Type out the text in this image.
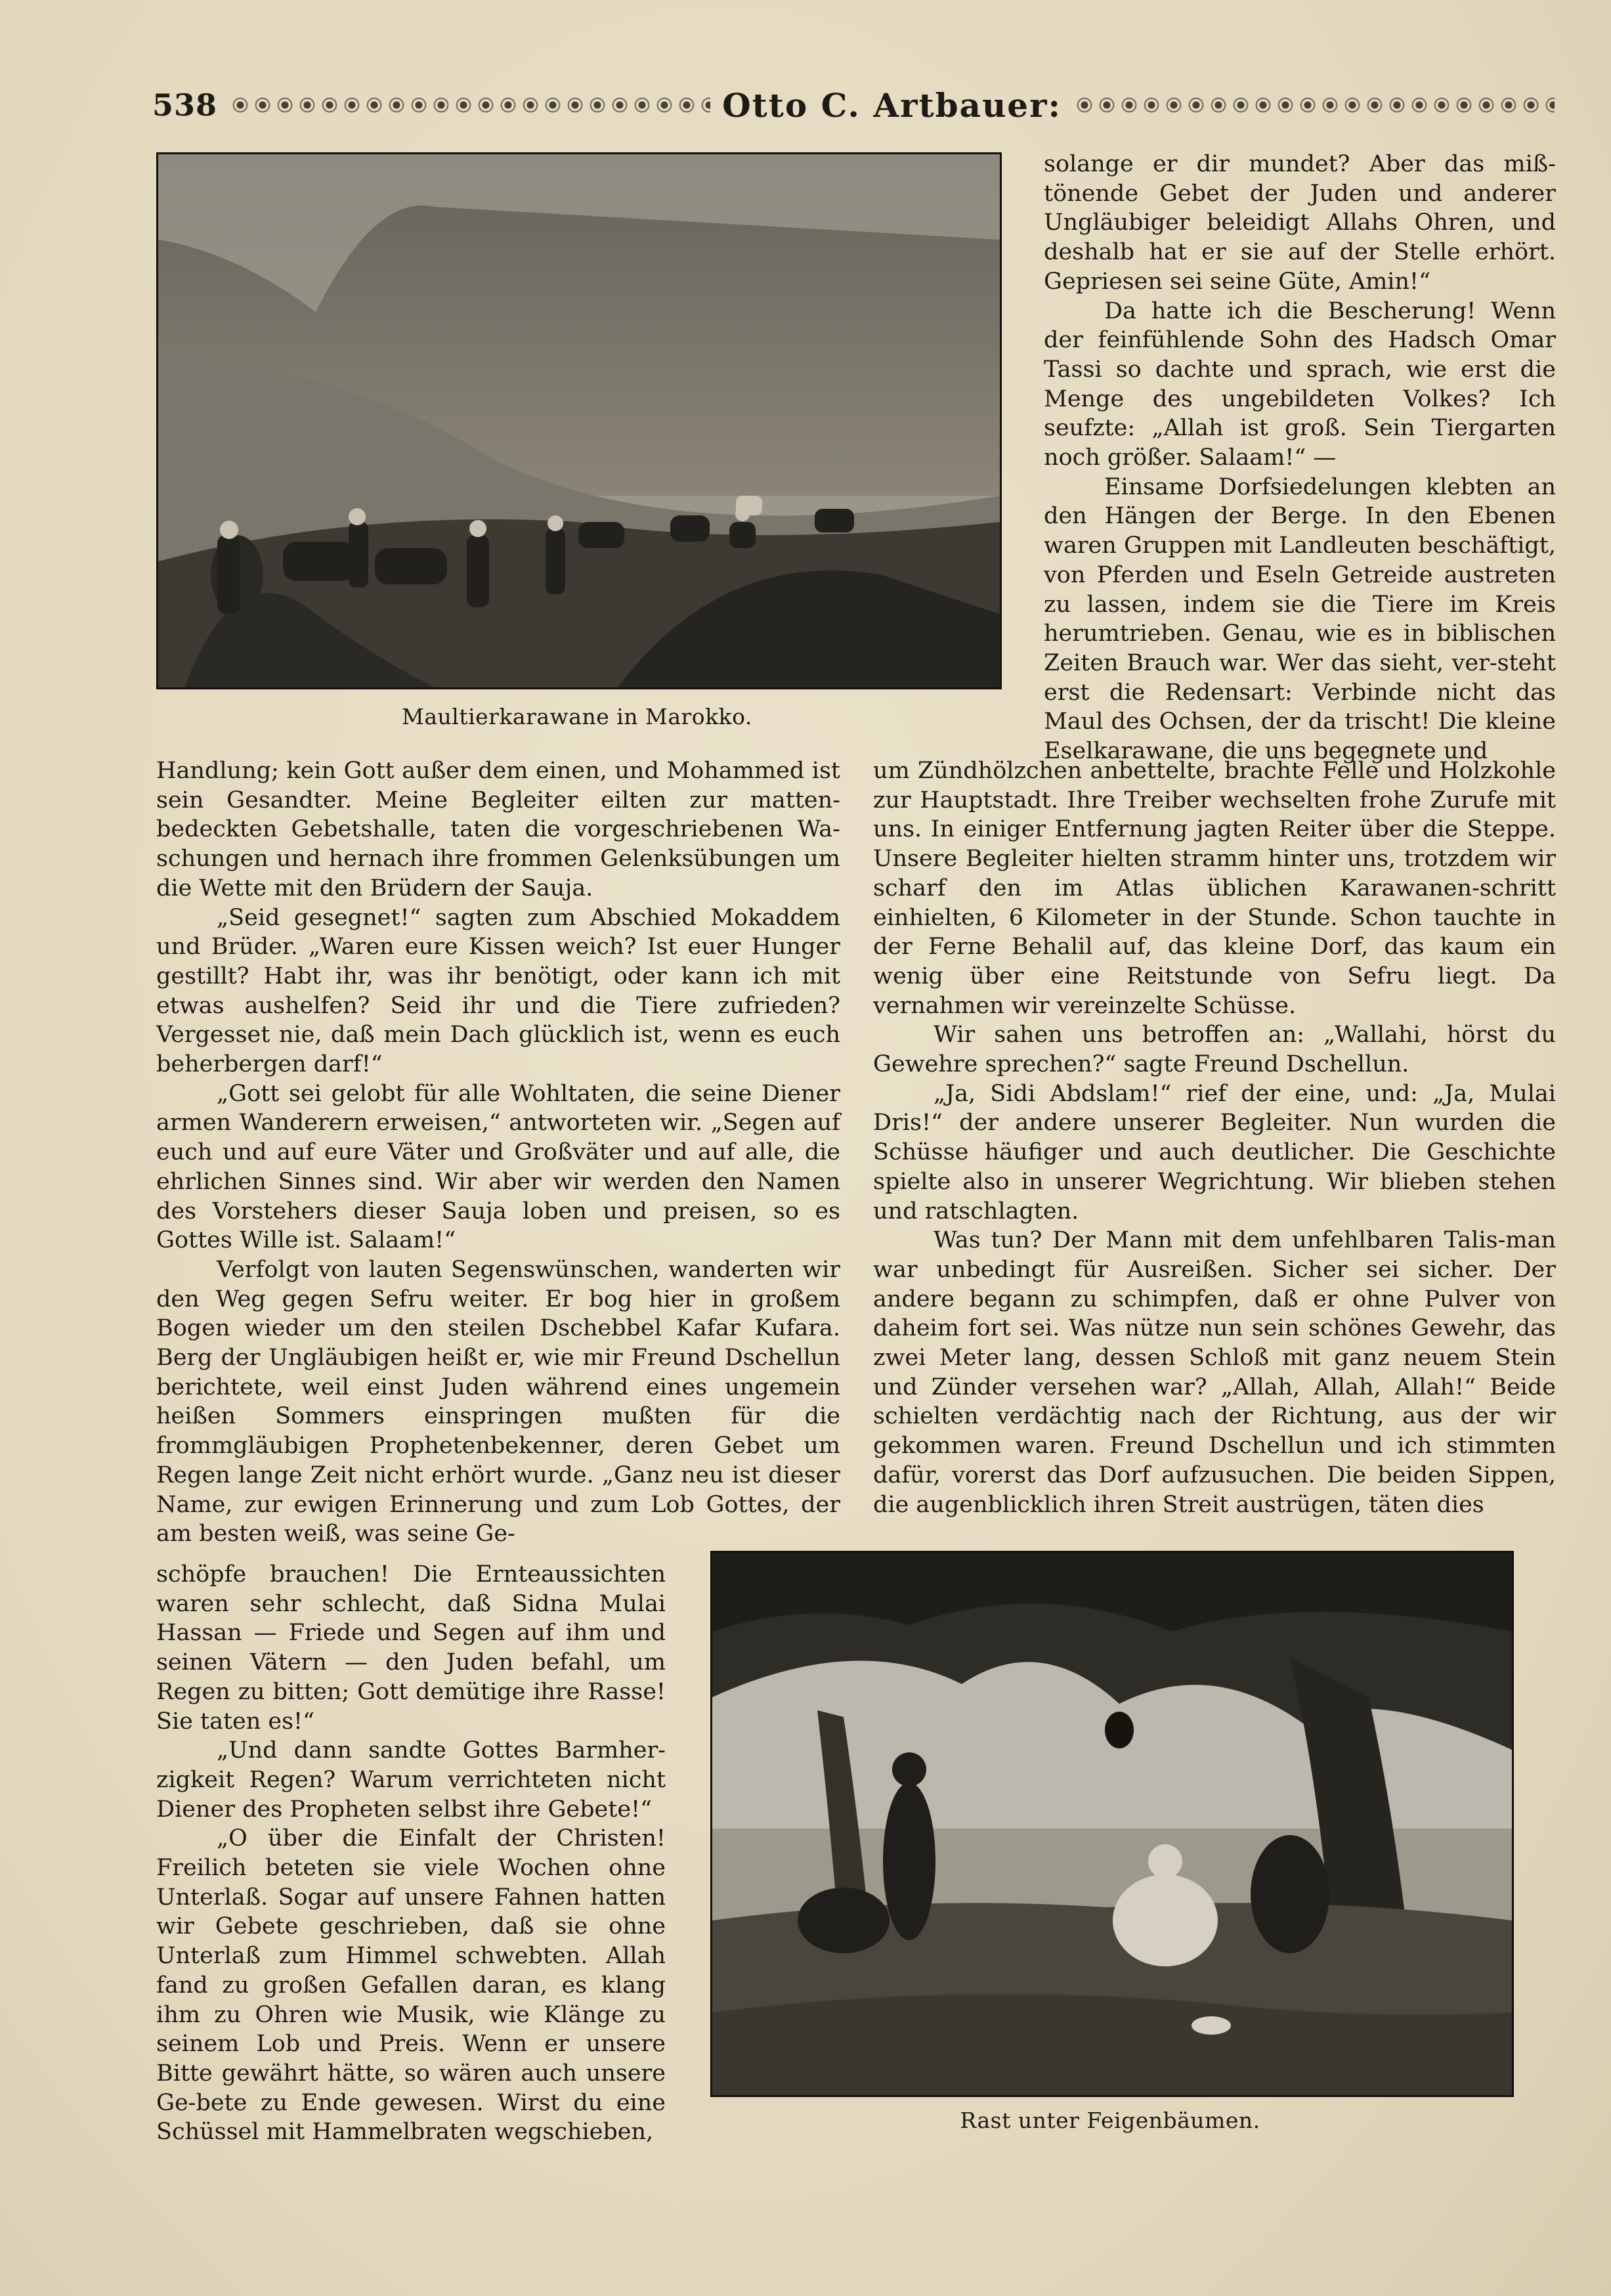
538	Otto C. Artbauer:
Maultierkarawane in Marokko.

solange er dir mundet? Aber das miß-tönende Gebet der Juden und anderer Ungläubiger beleidigt Allahs Ohren, und deshalb hat er sie auf der Stelle erhört. Gepriesen sei seine Güte, Amin!“

Da hatte ich die Bescherung! Wenn der feinfühlende Sohn des Hadsch Omar Tassi so dachte und sprach, wie erst die Menge des ungebildeten Volkes? Ich seufzte: „Allah ist groß. Sein Tiergarten noch größer. Salaam!“ —

Einsame Dorfsiedelungen klebten an den Hängen der Berge. In den Ebenen waren Gruppen mit Landleuten beschäftigt, von Pferden und Eseln Getreide austreten zu lassen, indem sie die Tiere im Kreis herumtrieben. Genau, wie es in biblischen Zeiten Brauch war. Wer das sieht, ver-steht erst die Redensart: Verbinde nicht das Maul des Ochsen, der da trischt! Die kleine Eselkarawane, die uns begegnete und

Handlung; kein Gott außer dem einen, und Mohammed ist sein Gesandter. Meine Begleiter eilten zur matten-bedeckten Gebetshalle, taten die vorgeschriebenen Wa-schungen und hernach ihre frommen Gelenksübungen um die Wette mit den Brüdern der Sauja.

„Seid gesegnet!“ sagten zum Abschied Mokaddem und Brüder. „Waren eure Kissen weich? Ist euer Hunger gestillt? Habt ihr, was ihr benötigt, oder kann ich mit etwas aushelfen? Seid ihr und die Tiere zufrieden? Vergesset nie, daß mein Dach glücklich ist, wenn es euch beherbergen darf!“

„Gott sei gelobt für alle Wohltaten, die seine Diener armen Wanderern erweisen,“ antworteten wir. „Segen auf euch und auf eure Väter und Großväter und auf alle, die ehrlichen Sinnes sind. Wir aber wir werden den Namen des Vorstehers dieser Sauja loben und preisen, so es Gottes Wille ist. Salaam!“

Verfolgt von lauten Segenswünschen, wanderten wir den Weg gegen Sefru weiter. Er bog hier in großem Bogen wieder um den steilen Dschebbel Kafar Kufara. Berg der Ungläubigen heißt er, wie mir Freund Dschellun berichtete, weil einst Juden während eines ungemein heißen Sommers einspringen mußten für die frommgläubigen Prophetenbekenner, deren Gebet um Regen lange Zeit nicht erhört wurde. „Ganz neu ist dieser Name, zur ewigen Erinnerung und zum Lob Gottes, der am besten weiß, was seine Ge-

schöpfe brauchen! Die Ernteaussichten waren sehr schlecht, daß Sidna Mulai Hassan — Friede und Segen auf ihm und seinen Vätern — den Juden befahl, um Regen zu bitten; Gott demütige ihre Rasse! Sie taten es!“

„Und dann sandte Gottes Barmher-zigkeit Regen? Warum verrichteten nicht Diener des Propheten selbst ihre Gebete!“

„O über die Einfalt der Christen! Freilich beteten sie viele Wochen ohne Unterlaß. Sogar auf unsere Fahnen hatten wir Gebete geschrieben, daß sie ohne Unterlaß zum Himmel schwebten. Allah fand zu großen Gefallen daran, es klang ihm zu Ohren wie Musik, wie Klänge zu seinem Lob und Preis. Wenn er unsere Bitte gewährt hätte, so wären auch unsere Ge-bete zu Ende gewesen. Wirst du eine Schüssel mit Hammelbraten wegschieben,

um Zündhölzchen anbettelte, brachte Felle und Holzkohle zur Hauptstadt. Ihre Treiber wechselten frohe Zurufe mit uns. In einiger Entfernung jagten Reiter über die Steppe. Unsere Begleiter hielten stramm hinter uns, trotzdem wir scharf den im Atlas üblichen Karawanen-schritt einhielten, 6 Kilometer in der Stunde. Schon tauchte in der Ferne Behalil auf, das kleine Dorf, das kaum ein wenig über eine Reitstunde von Sefru liegt. Da vernahmen wir vereinzelte Schüsse.

Wir sahen uns betroffen an: „Wallahi, hörst du Gewehre sprechen?“ sagte Freund Dschellun.

„Ja, Sidi Abdslam!“ rief der eine, und: „Ja, Mulai Dris!“ der andere unserer Begleiter. Nun wurden die Schüsse häufiger und auch deutlicher. Die Geschichte spielte also in unserer Wegrichtung. Wir blieben stehen und ratschlagten.

Was tun? Der Mann mit dem unfehlbaren Talis-man war unbedingt für Ausreißen. Sicher sei sicher. Der andere begann zu schimpfen, daß er ohne Pulver von daheim fort sei. Was nütze nun sein schönes Gewehr, das zwei Meter lang, dessen Schloß mit ganz neuem Stein und Zünder versehen war? „Allah, Allah, Allah!“ Beide schielten verdächtig nach der Richtung, aus der wir gekommen waren. Freund Dschellun und ich stimmten dafür, vorerst das Dorf aufzusuchen. Die beiden Sippen, die augenblicklich ihren Streit austrügen, täten dies

Rast unter Feigenbäumen.
